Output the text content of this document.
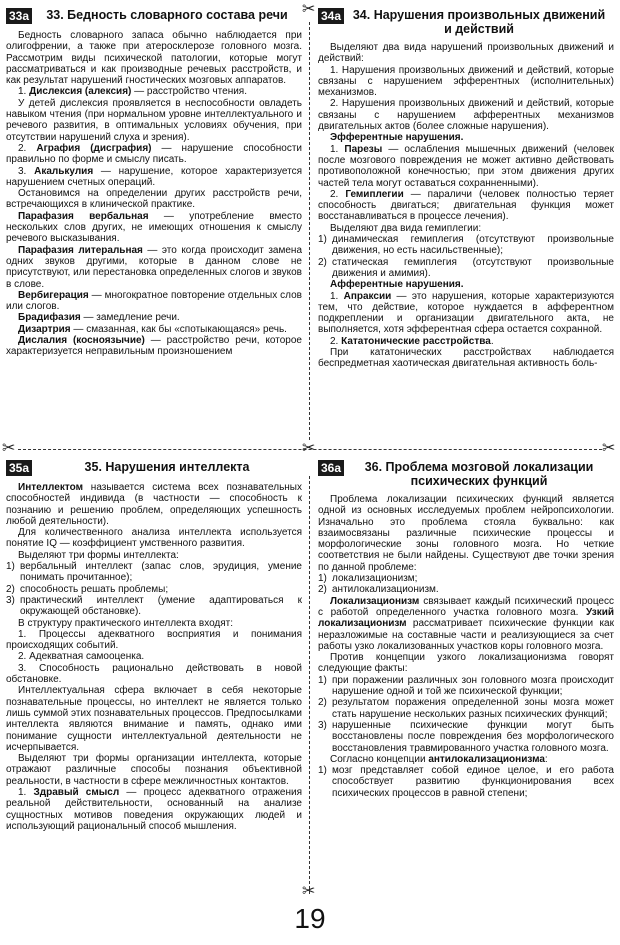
✂
✂	✂	✂
✂
33а	33. Бедность словарного состава речи

Бедность словарного запаса обычно наблюдается при олигофрении, а также при атеросклерозе головного мозга. Рассмотрим виды психической патологии, которые могут рассматриваться и как производные речевых расстройств, и как результат нарушений гностических мозговых аппаратов.

1. Дислексия (алексия) — расстройство чтения.

У детей дислексия проявляется в неспособности овладеть навыком чтения (при нормальном уровне интеллектуального и речевого развития, в оптимальных условиях обучения, при отсутствии нарушений слуха и зрения).

2. Аграфия (дисграфия) — нарушение способности правильно по форме и смыслу писать.

3. Акалькулия — нарушение, которое характеризуется нарушением счетных операций.

Остановимся на определении других расстройств речи, встречающихся в клинической практике.

Парафазия вербальная — употребление вместо нескольких слов других, не имеющих отношения к смыслу речевого высказывания.

Парафазия литеральная — это когда происходит замена одних звуков другими, которые в данном слове не присутствуют, или перестановка определенных слогов и звуков в слове.

Вербигерация — многократное повторение отдельных слов или слогов.

Брадифазия — замедление речи.

Дизартрия — смазанная, как бы «спотыкающаяся» речь.

Дислалия (косноязычие) — расстройство речи, которое характеризуется неправильным произношением

34а 34. Нарушения произвольных движений и действий

Выделяют два вида нарушений произвольных движений и действий:

1. Нарушения произвольных движений и действий, которые связаны с нарушением эфферентных (исполнительных) механизмов.

2. Нарушения произвольных движений и действий, которые связаны с нарушением афферентных механизмов двигательных актов (более сложные нарушения).

Эфферентные нарушения.

1. Парезы — ослабления мышечных движений (человек после мозгового повреждения не может активно действовать противоположной конечностью; при этом движения других частей тела могут оставаться сохранненными).

2. Гемиплегии — параличи (человек полностью теряет способность двигаться; двигательная функция может восстанавливаться в процессе лечения).

Выделяют два вида гемиплегии:

1) динамическая гемиплегия (отсутствуют произвольные движения, но есть насильственные);

2) статическая гемиплегия (отсутствуют произвольные движения и амимия).

Афферентные нарушения.

1. Апраксии — это нарушения, которые характеризуются тем, что действие, которое нуждается в афферентном подкреплении и организации двигательного акта, не выполняется, хотя эфферентная сфера остается сохранной.

2. Кататонические расстройства.

При кататонических расстройствах наблюдается беспредметная хаотическая двигательная активность боль-

35а	35. Нарушения интеллекта

Интеллектом называется система всех познавательных способностей индивида (в частности — способность к познанию и решению проблем, определяющих успешность любой деятельности).

Для количественного анализа интеллекта используется понятие IQ — коэффициент умственного развития.

Выделяют три формы интеллекта:

1) вербальный интеллект (запас слов, эрудиция, умение понимать прочитанное);

2) способность решать проблемы;

3) практический интеллект (умение адаптироваться к окружающей обстановке).

В структуру практического интеллекта входят:

1. Процессы адекватного восприятия и понимания происходящих событий.

2. Адекватная самооценка.

3. Способность рационально действовать в новой обстановке.

Интеллектуальная сфера включает в себя некоторые познавательные процессы, но интеллект не является только лишь суммой этих познавательных процессов. Предпосылками интеллекта являются внимание и память, однако ими понимание сущности интеллектуальной деятельности не исчерпывается.

Выделяют три формы организации интеллекта, которые отражают различные способы познания объективной реальности, в частности в сфере межличностных контактов.

1. Здравый смысл — процесс адекватного отражения реальной действительности, основанный на анализе сущностных мотивов поведения окружающих людей и использующий рациональный способ мышления.

36а	36. Проблема мозговой локализации психических функций

Проблема локализации психических функций является одной из основных исследуемых проблем нейропсихологии. Изначально это проблема стояла буквально: как взаимосвязаны различные психические процессы и морфологические зоны головного мозга. Но четкие соответствия не были найдены. Существуют две точки зрения по данной проблеме:

1) локализационизм;

2) антилокализационизм.

Локализационизм связывает каждый психический процесс с работой определенного участка головного мозга. Узкий локализационизм рассматривает психические функции как неразложимые на составные части и реализующиеся за счет работы узко локализованных участков коры головного мозга.

Против концепции узкого локализационизма говорят следующие факты:

1) при поражении различных зон головного мозга происходит нарушение одной и той же психической функции;

2) результатом поражения определенной зоны мозга может стать нарушение нескольких разных психических функций;

3) нарушенные психические функции могут быть восстановлены после повреждения без морфологического восстановления травмированного участка головного мозга.

Согласно концепции антилокализационизма:

1) мозг представляет собой единое целое, и его работа способствует развитию функционирования всех психических процессов в равной степени;

19
